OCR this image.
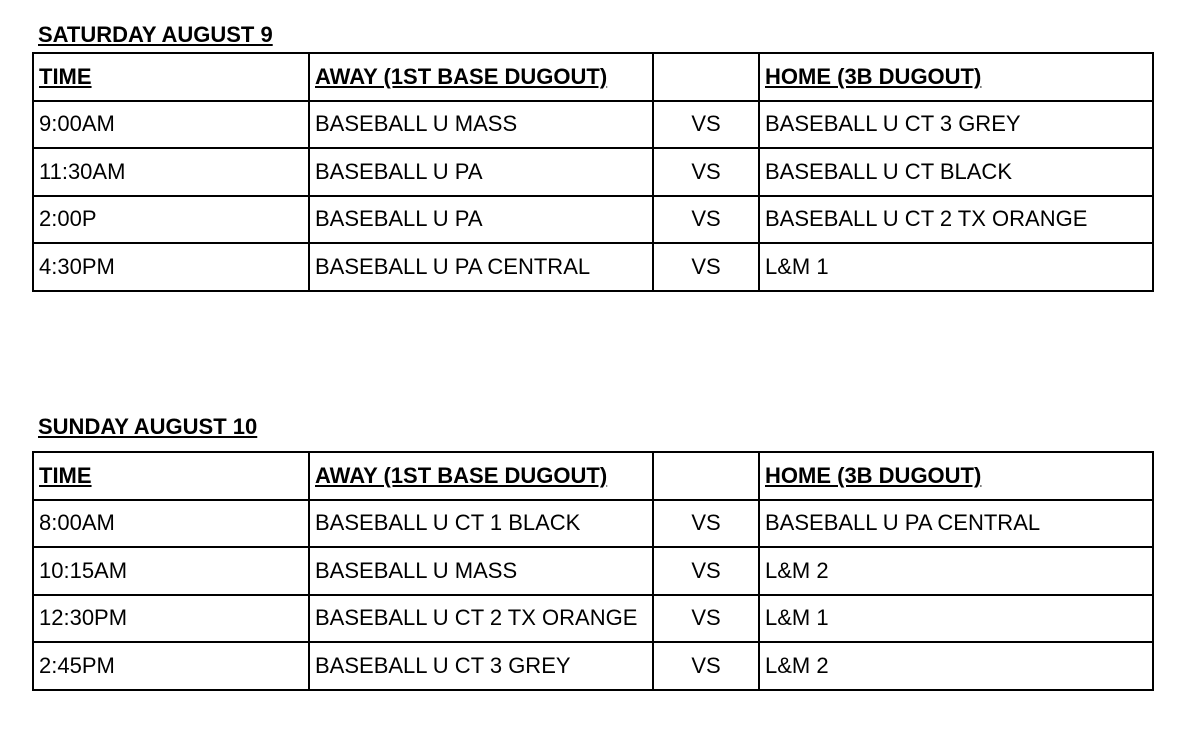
SATURDAY AUGUST 9
TIME	AWAY (1ST BASE DUGOUT)		HOME (3B DUGOUT)
9:00AM	BASEBALL U MASS	VS	BASEBALL U CT 3 GREY
11:30AM	BASEBALL U PA	VS	BASEBALL U CT BLACK
2:00P	BASEBALL U PA	VS	BASEBALL U CT 2 TX ORANGE
4:30PM	BASEBALL U PA CENTRAL	VS	L&M 1
SUNDAY AUGUST 10
TIME	AWAY (1ST BASE DUGOUT)		HOME (3B DUGOUT)
8:00AM	BASEBALL U CT 1 BLACK	VS	BASEBALL U PA CENTRAL
10:15AM	BASEBALL U MASS	VS	L&M 2
12:30PM	BASEBALL U CT 2 TX ORANGE	VS	L&M 1
2:45PM	BASEBALL U CT 3 GREY	VS	L&M 2
